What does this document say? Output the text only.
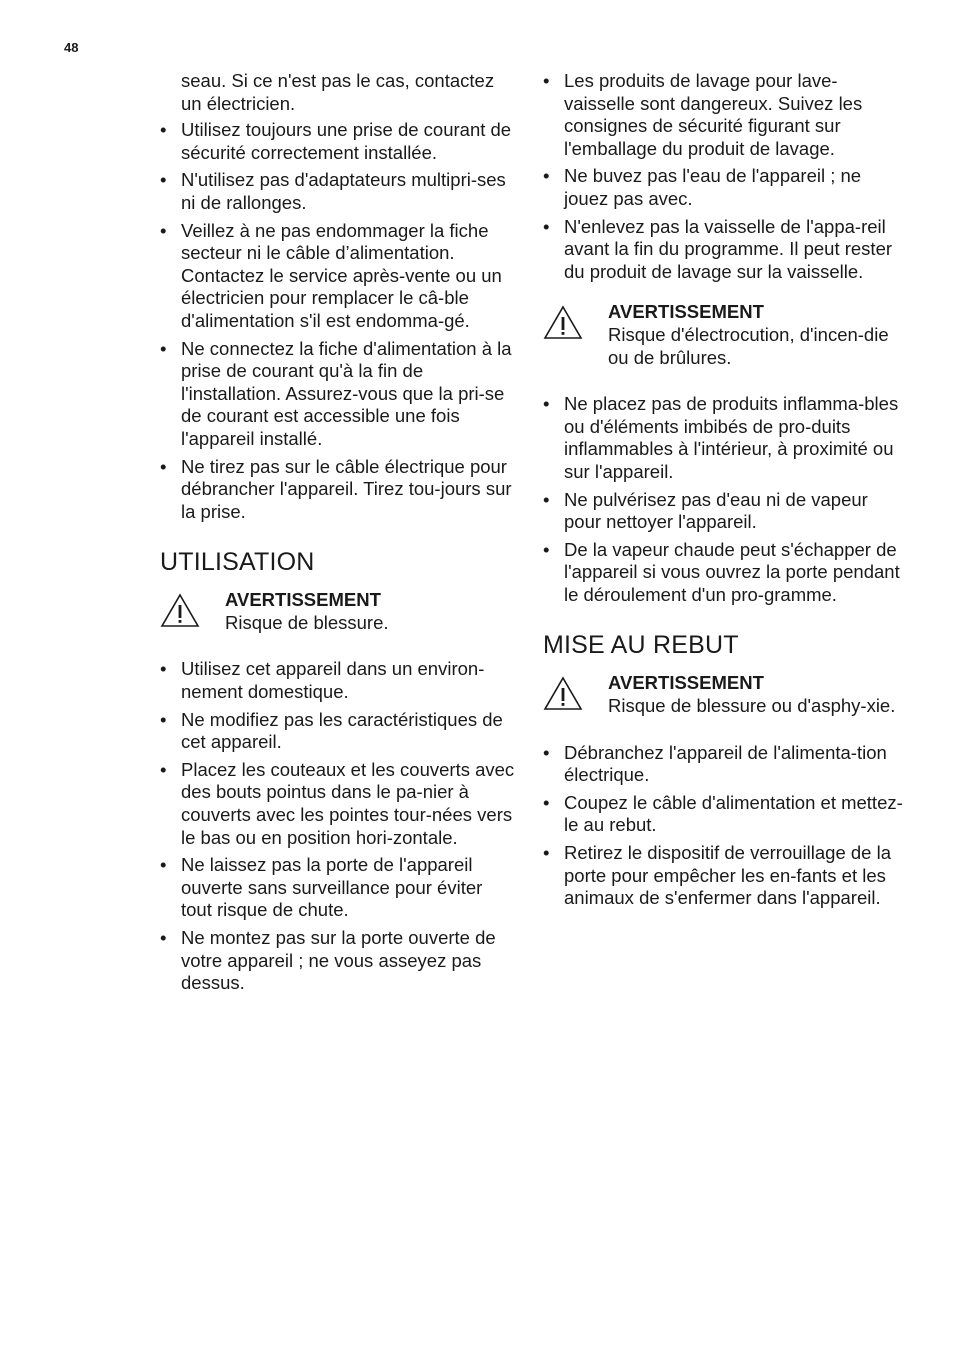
48

seau. Si ce n'est pas le cas, contactez un électricien.

• Utilisez toujours une prise de courant de sécurité correctement installée.
• N'utilisez pas d'adaptateurs multipri-ses ni de rallonges.
• Veillez à ne pas endommager la fiche secteur ni le câble d’alimentation. Contactez le service après-vente ou un électricien pour remplacer le câ-ble d'alimentation s'il est endomma-gé.
• Ne connectez la fiche d'alimentation à la prise de courant qu'à la fin de l'installation. Assurez-vous que la pri-se de courant est accessible une fois l'appareil installé.
• Ne tirez pas sur le câble électrique pour débrancher l'appareil. Tirez tou-jours sur la prise.
UTILISATION
AVERTISSEMENT
Risque de blessure.
• Utilisez cet appareil dans un environ-nement domestique.
• Ne modifiez pas les caractéristiques de cet appareil.
• Placez les couteaux et les couverts avec des bouts pointus dans le pa-nier à couverts avec les pointes tour-nées vers le bas ou en position hori-zontale.
• Ne laissez pas la porte de l'appareil ouverte sans surveillance pour éviter tout risque de chute.
• Ne montez pas sur la porte ouverte de votre appareil ; ne vous asseyez pas dessus.
• Les produits de lavage pour lave-vaisselle sont dangereux. Suivez les consignes de sécurité figurant sur l'emballage du produit de lavage.
• Ne buvez pas l'eau de l'appareil ; ne jouez pas avec.
• N'enlevez pas la vaisselle de l'appa-reil avant la fin du programme. Il peut rester du produit de lavage sur la vaisselle.
AVERTISSEMENT
Risque d'électrocution, d'incen-die ou de brûlures.
• Ne placez pas de produits inflamma-bles ou d'éléments imbibés de pro-duits inflammables à l'intérieur, à proximité ou sur l'appareil.
• Ne pulvérisez pas d'eau ni de vapeur pour nettoyer l'appareil.
• De la vapeur chaude peut s'échapper de l'appareil si vous ouvrez la porte pendant le déroulement d'un pro-gramme.
MISE AU REBUT
AVERTISSEMENT
Risque de blessure ou d'asphy-xie.
• Débranchez l'appareil de l'alimenta-tion électrique.
• Coupez le câble d'alimentation et mettez-le au rebut.
• Retirez le dispositif de verrouillage de la porte pour empêcher les en-fants et les animaux de s'enfermer dans l'appareil.
